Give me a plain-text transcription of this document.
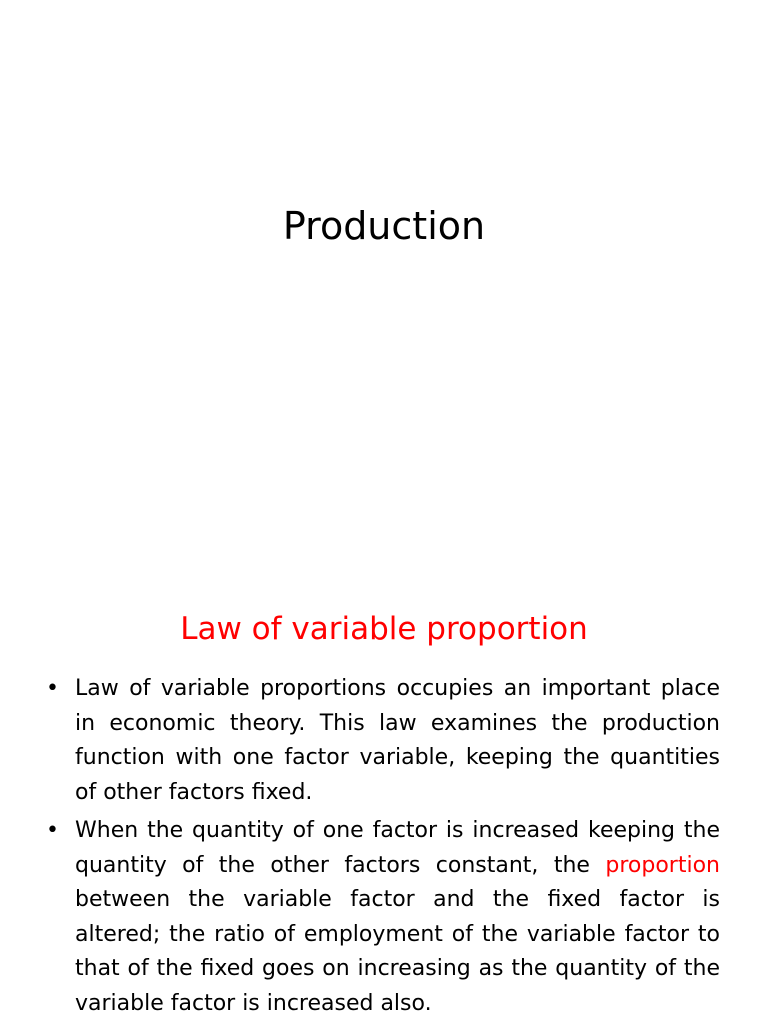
Production
Law of variable proportion
• Law of variable proportions occupies an important place in economic theory. This law examines the production function with one factor variable, keeping the quantities of other factors fixed.
• When the quantity of one factor is increased keeping the quantity of the other factors constant, the proportion between the variable factor and the fixed factor is altered; the ratio of employment of the variable factor to that of the fixed goes on increasing as the quantity of the variable factor is increased also.
